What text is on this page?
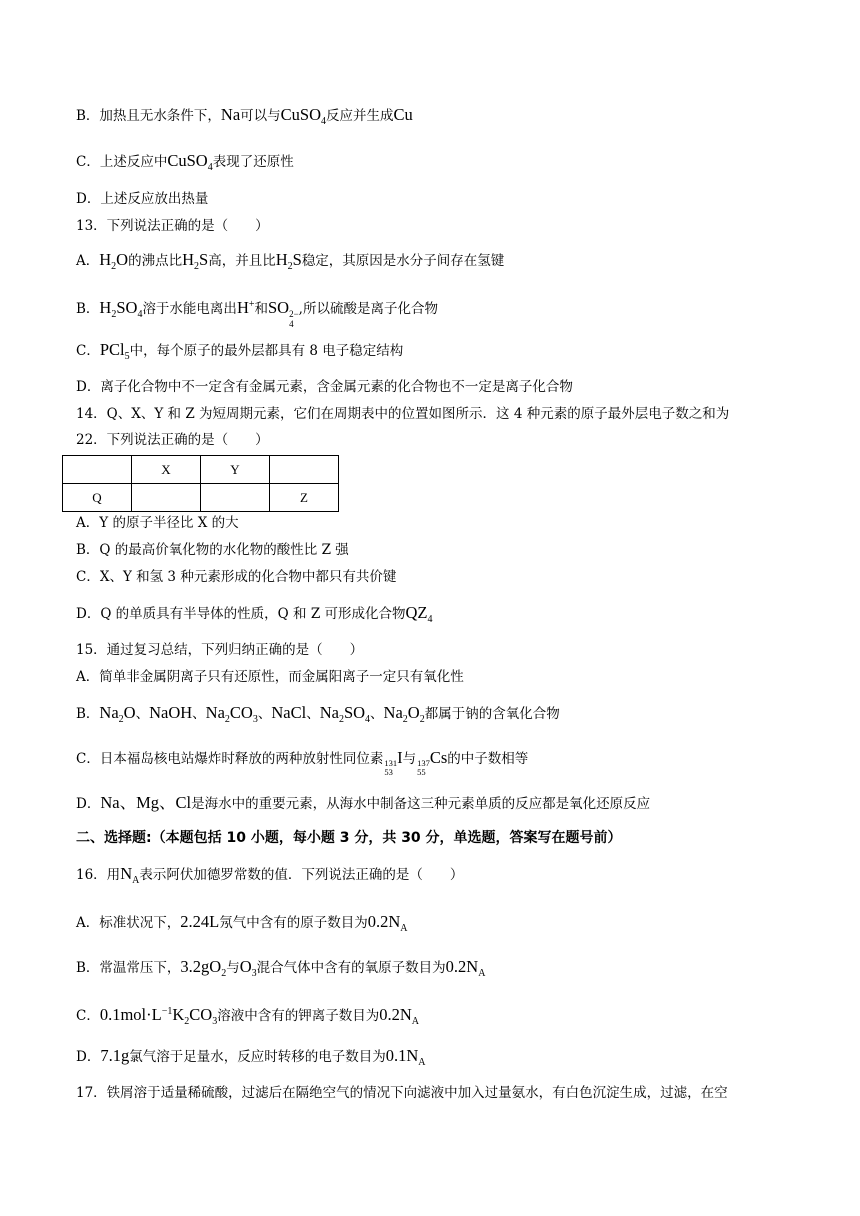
B．加热且无水条件下，Na可以与CuSO$_4$反应并生成Cu
C．上述反应中CuSO$_4$表现了还原性
D．上述反应放出热量
13．下列说法正确的是（　　）
A．$H_2O$的沸点比$H_2S$高，并且比$H_2S$稳定，其原因是水分子间存在氢键
B．$H_2SO_4$溶于水能电离出H+和SO 2−
4
,所以硫酸是离子化合物
C．PCl$_5$中，每个原子的最外层都具有 8 电子稳定结构
D．离子化合物中不一定含有金属元素，含金属元素的化合物也不一定是离子化合物
14．Q、X、Y 和 Z 为短周期元素，它们在周期表中的位置如图所示．这 4 种元素的原子最外层电子数之和为
22．下列说法正确的是（　　）
	X	Y	
Q			Z
A．Y 的原子半径比 X 的大
B．Q 的最高价氧化物的水化物的酸性比 Z 强
C．X、Y 和氢 3 种元素形成的化合物中都只有共价键
D．Q 的单质具有半导体的性质，Q 和 Z 可形成化合物$QZ_4$
15．通过复习总结，下列归纳正确的是（　　）
A．简单非金属阴离子只有还原性，而金属阳离子一定只有氧化性
B．$Na_2O$、NaOH、$Na_2CO_3$、NaCl、$Na_2SO_4$、$Na_2O_2$都属于钠的含氧化合物
C．日本福岛核电站爆炸时释放的两种放射性同位素 131
53
I与 137
55
Cs的中子数相等
D．Na、Mg、Cl是海水中的重要元素，从海水中制备这三种元素单质的反应都是氧化还原反应
二、选择题:（本题包括 10 小题，每小题 3 分，共 30 分，单选题，答案写在题号前）
16．用$N_A$表示阿伏加德罗常数的值．下列说法正确的是（　　）
A．标准状况下，2.24L氖气中含有的原子数目为$0.2N_A$
B．常温常压下，$3.2gO_2$与$O_3$混合气体中含有的氧原子数目为$0.2N_A$
C．$0.1mol\cdot L^{-1}K_2CO_3$溶液中含有的钾离子数目为$0.2N_A$
D．7.1g氯气溶于足量水，反应时转移的电子数目为$0.1N_A$
17．铁屑溶于适量稀硫酸，过滤后在隔绝空气的情况下向滤液中加入过量氨水，有白色沉淀生成，过滤，在空
